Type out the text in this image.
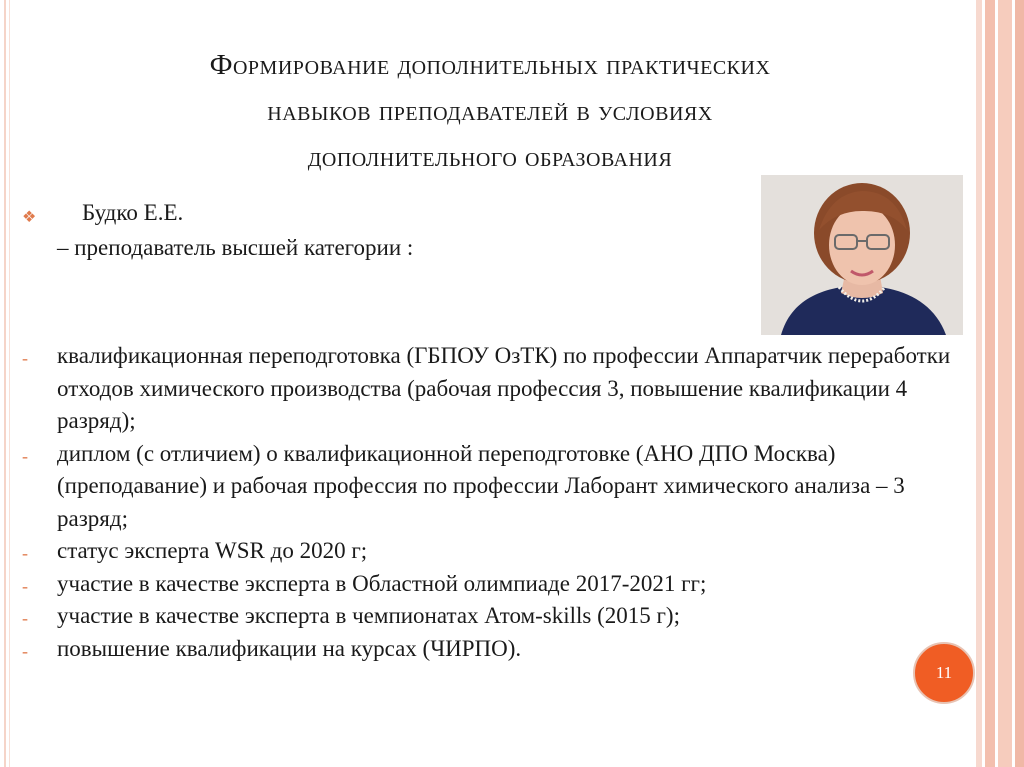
Формирование дополнительных практических
навыков преподавателей в условиях
дополнительного образования
❖ Будко Е.Е.
– преподаватель высшей категории :
- квалификационная переподготовка (ГБПОУ ОзТК) по профессии Аппаратчик переработки отходов химического производства (рабочая профессия 3, повышение квалификации 4 разряд);
- диплом (с отличием) о квалификационной переподготовке (АНО ДПО Москва) (преподавание) и рабочая профессия по профессии Лаборант химического анализа – 3 разряд;
- статус эксперта WSR до 2020 г;
- участие в качестве эксперта в Областной олимпиаде 2017-2021 гг;
- участие в качестве эксперта в чемпионатах Атом-skills (2015 г);
- повышение квалификации на курсах (ЧИРПО).
11
